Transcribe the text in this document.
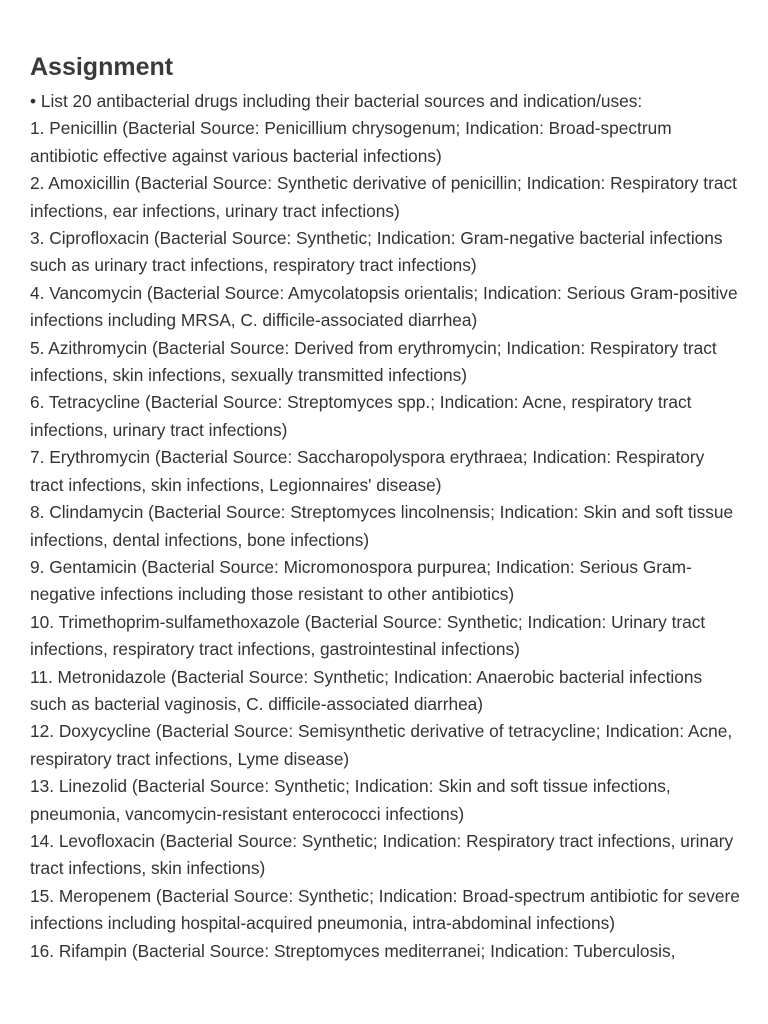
Assignment

• List 20 antibacterial drugs including their bacterial sources and indication/uses:

1. Penicillin (Bacterial Source: Penicillium chrysogenum; Indication: Broad-spectrum antibiotic effective against various bacterial infections)

2. Amoxicillin (Bacterial Source: Synthetic derivative of penicillin; Indication: Respiratory tract infections, ear infections, urinary tract infections)

3. Ciprofloxacin (Bacterial Source: Synthetic; Indication: Gram-negative bacterial infections such as urinary tract infections, respiratory tract infections)

4. Vancomycin (Bacterial Source: Amycolatopsis orientalis; Indication: Serious Gram-positive infections including MRSA, C. difficile-associated diarrhea)

5. Azithromycin (Bacterial Source: Derived from erythromycin; Indication: Respiratory tract infections, skin infections, sexually transmitted infections)

6. Tetracycline (Bacterial Source: Streptomyces spp.; Indication: Acne, respiratory tract infections, urinary tract infections)

7. Erythromycin (Bacterial Source: Saccharopolyspora erythraea; Indication: Respiratory tract infections, skin infections, Legionnaires' disease)

8. Clindamycin (Bacterial Source: Streptomyces lincolnensis; Indication: Skin and soft tissue infections, dental infections, bone infections)

9. Gentamicin (Bacterial Source: Micromonospora purpurea; Indication: Serious Gram-negative infections including those resistant to other antibiotics)

10. Trimethoprim-sulfamethoxazole (Bacterial Source: Synthetic; Indication: Urinary tract infections, respiratory tract infections, gastrointestinal infections)

11. Metronidazole (Bacterial Source: Synthetic; Indication: Anaerobic bacterial infections such as bacterial vaginosis, C. difficile-associated diarrhea)

12. Doxycycline (Bacterial Source: Semisynthetic derivative of tetracycline; Indication: Acne, respiratory tract infections, Lyme disease)

13. Linezolid (Bacterial Source: Synthetic; Indication: Skin and soft tissue infections, pneumonia, vancomycin-resistant enterococci infections)

14. Levofloxacin (Bacterial Source: Synthetic; Indication: Respiratory tract infections, urinary tract infections, skin infections)

15. Meropenem (Bacterial Source: Synthetic; Indication: Broad-spectrum antibiotic for severe infections including hospital-acquired pneumonia, intra-abdominal infections)

16. Rifampin (Bacterial Source: Streptomyces mediterranei; Indication: Tuberculosis,
